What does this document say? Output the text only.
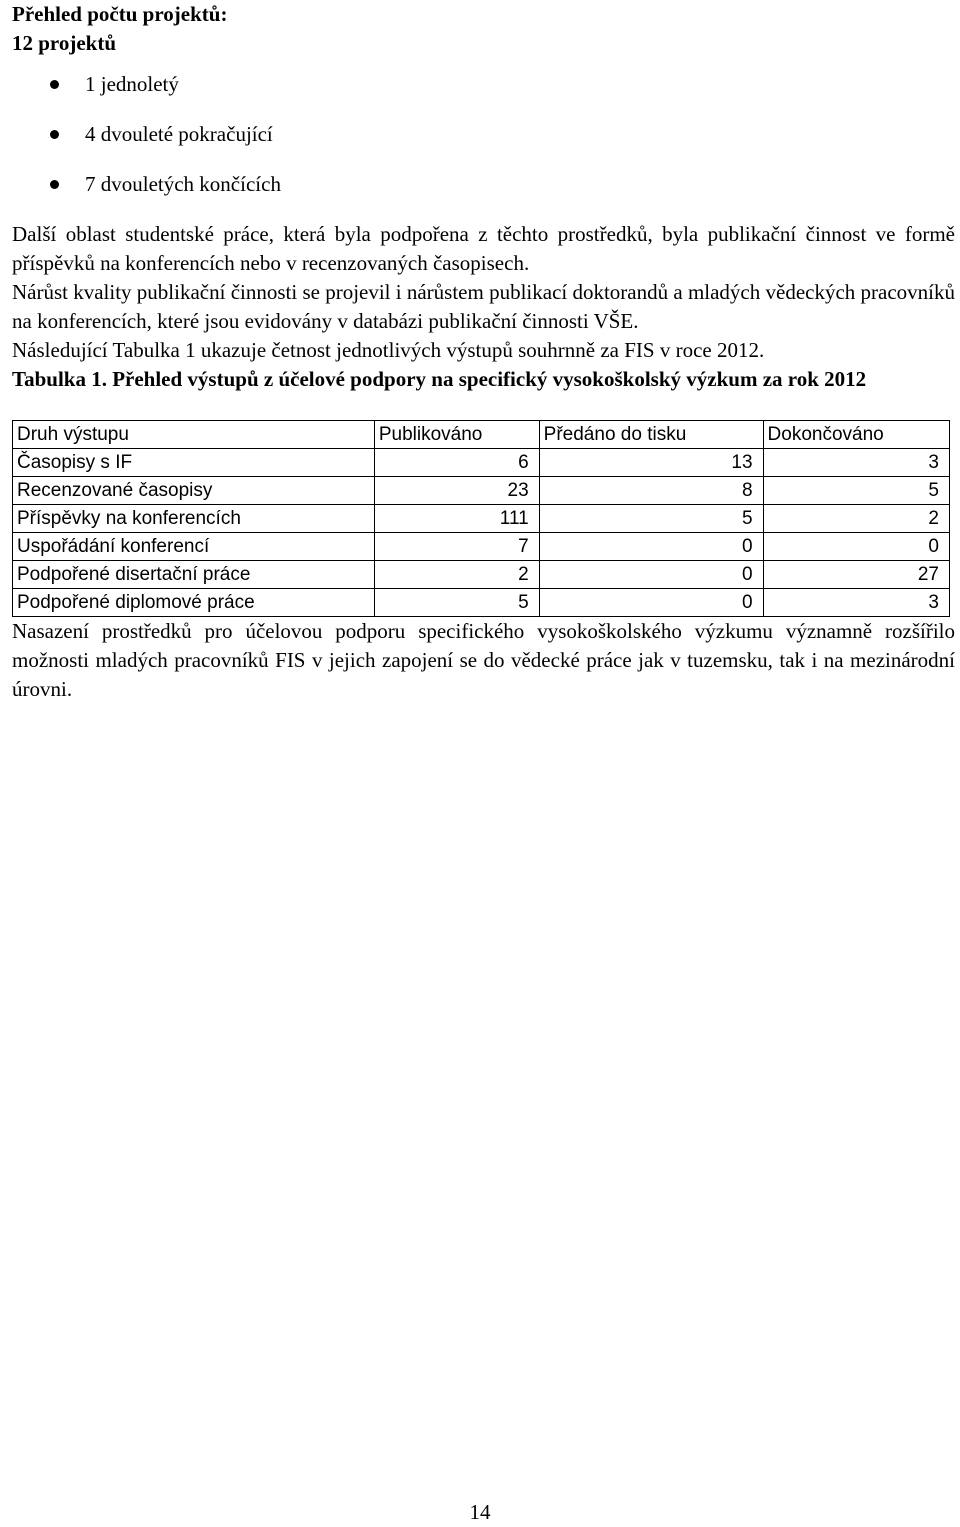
Přehled počtu projektů:

12 projektů

1 jednoletý
4 dvouleté pokračující
7 dvouletých končících

Další oblast studentské práce, která byla podpořena z těchto prostředků, byla publikační činnost ve formě příspěvků na konferencích nebo v recenzovaných časopisech.

Nárůst kvality publikační činnosti se projevil i nárůstem publikací doktorandů a mladých vědeckých pracovníků na konferencích, které jsou evidovány v databázi publikační činnosti VŠE.

Následující Tabulka 1 ukazuje četnost jednotlivých výstupů souhrnně za FIS v roce 2012.

Tabulka 1. Přehled výstupů z účelové podpory na specifický vysokoškolský výzkum za rok 2012

Druh výstupu	Publikováno	Předáno do tisku	Dokončováno
Časopisy s IF	6	13	3
Recenzované časopisy	23	8	5
Příspěvky na konferencích	111	5	2
Uspořádání konferencí	7	0	0
Podpořené disertační práce	2	0	27
Podpořené diplomové práce	5	0	3

Nasazení prostředků pro účelovou podporu specifického vysokoškolského výzkumu významně rozšířilo možnosti mladých pracovníků FIS v jejich zapojení se do vědecké práce jak v tuzemsku, tak i na mezinárodní úrovni.

14
